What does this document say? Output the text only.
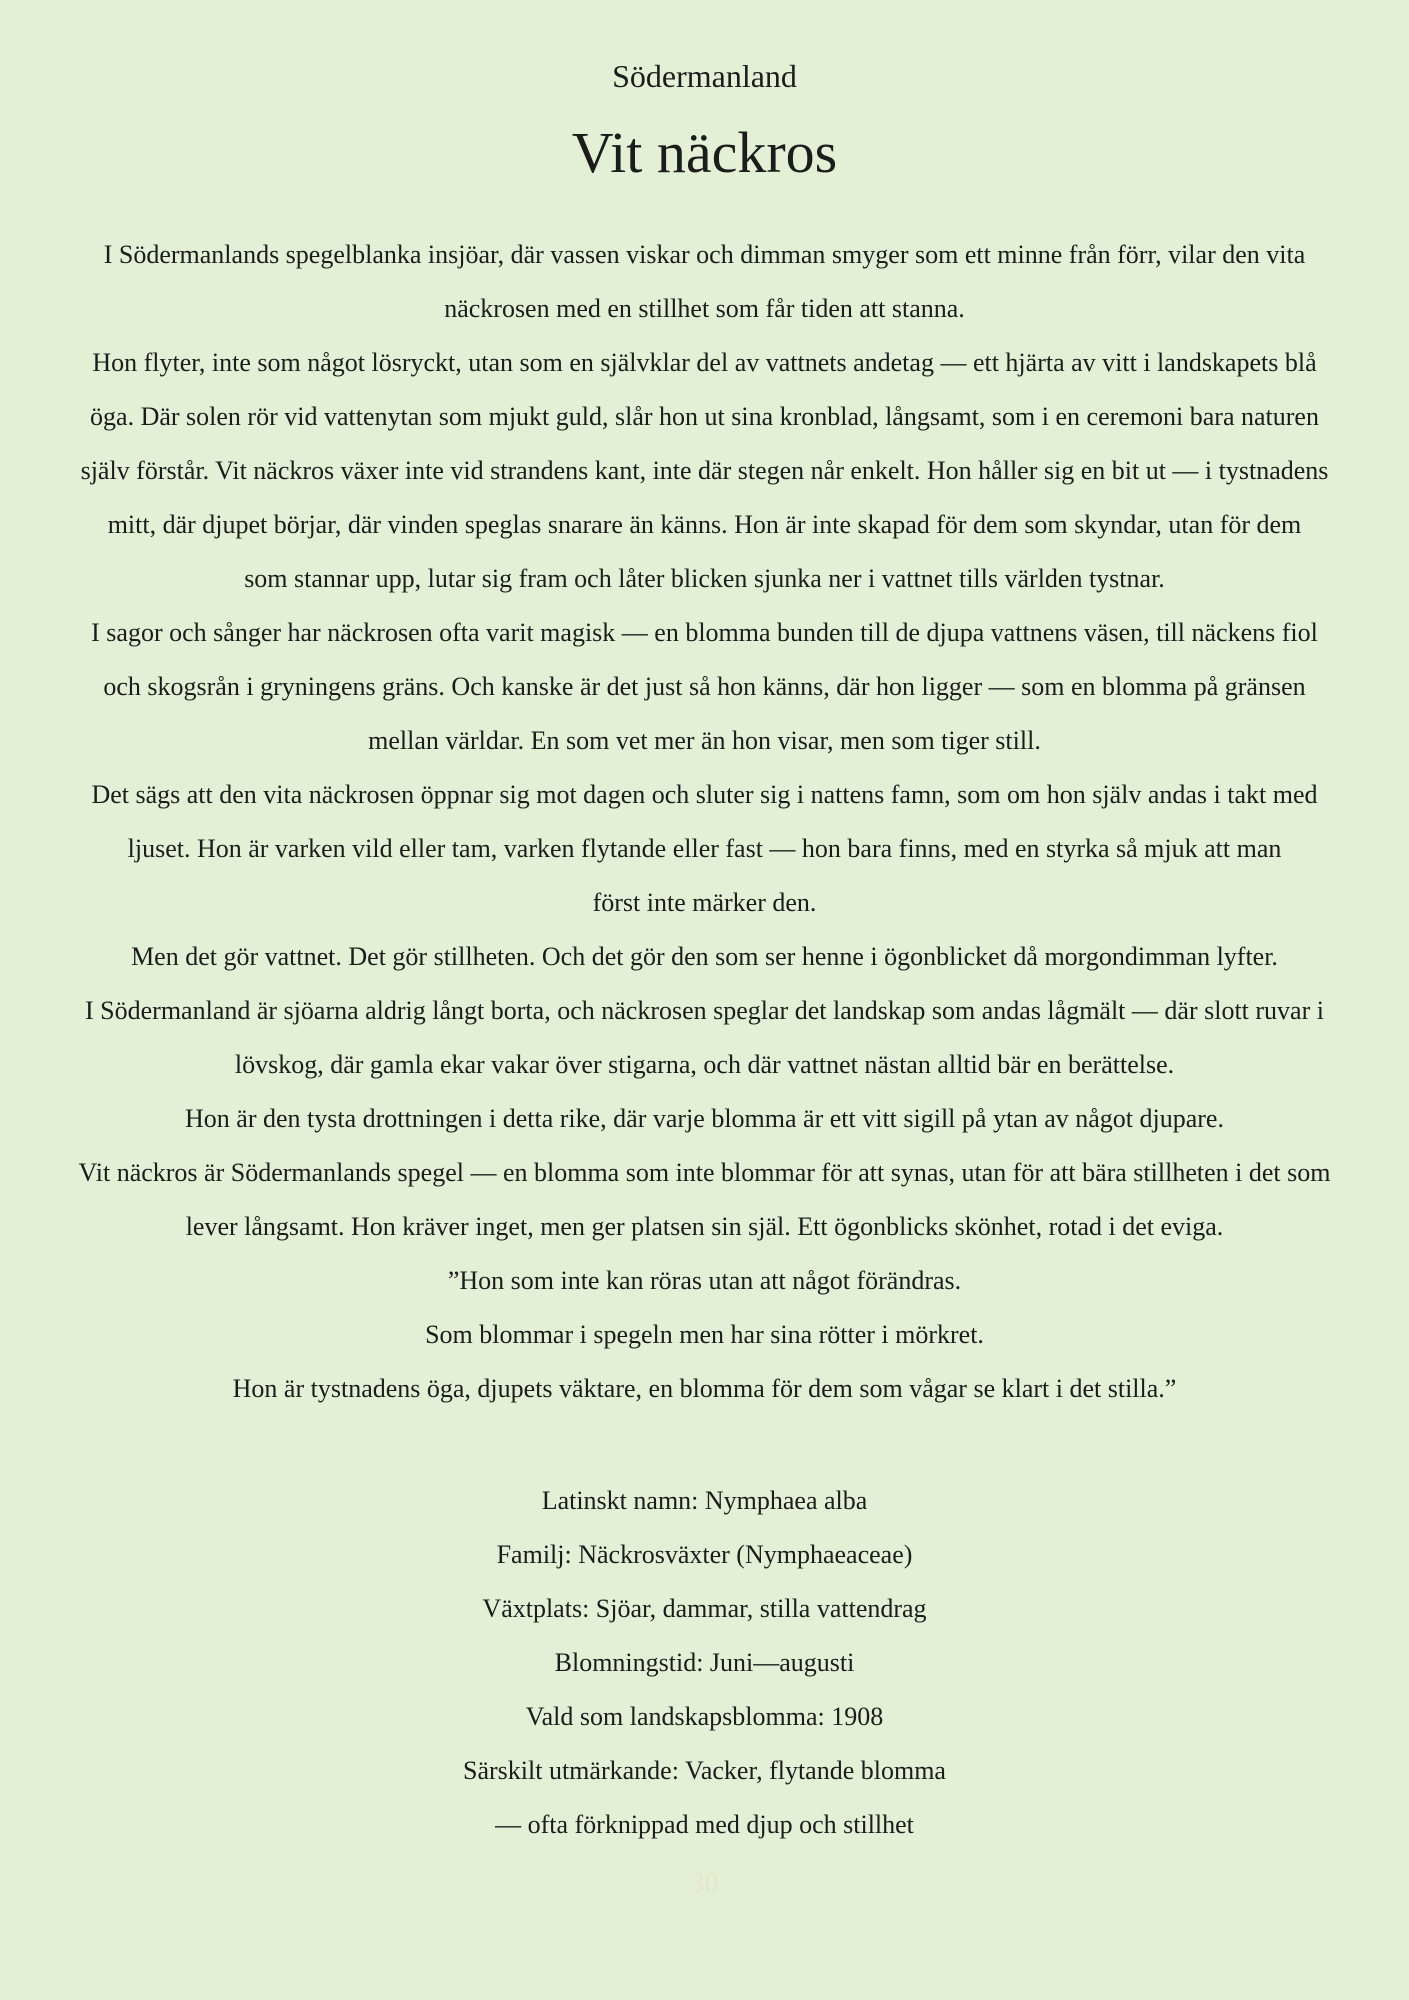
Södermanland
Vit näckros
I Södermanlands spegelblanka insjöar, där vassen viskar och dimman smyger som ett minne från förr, vilar den vita
näckrosen med en stillhet som får tiden att stanna.
Hon flyter, inte som något lösryckt, utan som en självklar del av vattnets andetag — ett hjärta av vitt i landskapets blå
öga. Där solen rör vid vattenytan som mjukt guld, slår hon ut sina kronblad, långsamt, som i en ceremoni bara naturen
själv förstår. Vit näckros växer inte vid strandens kant, inte där stegen når enkelt. Hon håller sig en bit ut — i tystnadens
mitt, där djupet börjar, där vinden speglas snarare än känns. Hon är inte skapad för dem som skyndar, utan för dem
som stannar upp, lutar sig fram och låter blicken sjunka ner i vattnet tills världen tystnar.
I sagor och sånger har näckrosen ofta varit magisk — en blomma bunden till de djupa vattnens väsen, till näckens fiol
och skogsrån i gryningens gräns. Och kanske är det just så hon känns, där hon ligger — som en blomma på gränsen
mellan världar. En som vet mer än hon visar, men som tiger still.
Det sägs att den vita näckrosen öppnar sig mot dagen och sluter sig i nattens famn, som om hon själv andas i takt med
ljuset. Hon är varken vild eller tam, varken flytande eller fast — hon bara finns, med en styrka så mjuk att man
först inte märker den.
Men det gör vattnet. Det gör stillheten. Och det gör den som ser henne i ögonblicket då morgondimman lyfter.
I Södermanland är sjöarna aldrig långt borta, och näckrosen speglar det landskap som andas lågmält — där slott ruvar i
lövskog, där gamla ekar vakar över stigarna, och där vattnet nästan alltid bär en berättelse.
Hon är den tysta drottningen i detta rike, där varje blomma är ett vitt sigill på ytan av något djupare.
Vit näckros är Södermanlands spegel — en blomma som inte blommar för att synas, utan för att bära stillheten i det som
lever långsamt. Hon kräver inget, men ger platsen sin själ. Ett ögonblicks skönhet, rotad i det eviga.
”Hon som inte kan röras utan att något förändras.
Som blommar i spegeln men har sina rötter i mörkret.
Hon är tystnadens öga, djupets väktare, en blomma för dem som vågar se klart i det stilla.”
Latinskt namn: Nymphaea alba
Familj: Näckrosväxter (Nymphaeaceae)
Växtplats: Sjöar, dammar, stilla vattendrag
Blomningstid: Juni—augusti
Vald som landskapsblomma: 1908
Särskilt utmärkande: Vacker, flytande blomma
— ofta förknippad med djup och stillhet
30
